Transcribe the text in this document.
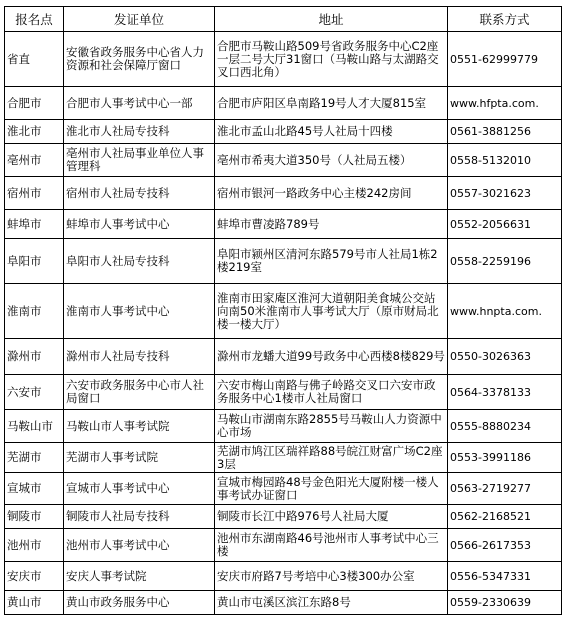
报名点	发证单位	地址	联系方式
省直	安徽省政务服务中心省人力资源和社会保障厅窗口	合肥市马鞍山路509号省政务服务中心C2座一层二号大厅31窗口（马鞍山路与太湖路交叉口西北角）	0551-62999779
合肥市	合肥市人事考试中心一部	合肥市庐阳区阜南路19号人才大厦815室	www.hfpta.com.
淮北市	淮北市人社局专技科	淮北市孟山北路45号人社局十四楼	0561-3881256
亳州市	亳州市人社局事业单位人事管理科	亳州市希夷大道350号（人社局五楼）	0558-5132010
宿州市	宿州市人社局专技科	宿州市银河一路政务中心主楼242房间	0557-3021623
蚌埠市	蚌埠市人事考试中心	蚌埠市曹凌路789号	0552-2056631
阜阳市	阜阳市人社局专技科	阜阳市颍州区清河东路579号市人社局1栋2楼219室	0558-2259196
淮南市	淮南市人事考试中心	淮南市田家庵区淮河大道朝阳美食城公交站向南50米淮南市人事考试大厅（原市财局北楼一楼大厅）	www.hnpta.com.
滁州市	滁州市人社局专技科	滁州市龙蟠大道99号政务中心西楼8楼829号	0550-3026363
六安市	六安市政务服务中心市人社局窗口	六安市梅山南路与佛子岭路交叉口六安市政务服务中心1楼市人社局窗口	0564-3378133
马鞍山市	马鞍山市人事考试院	马鞍山市湖南东路2855号马鞍山人力资源中心市场	0555-8880234
芜湖市	芜湖市人事考试院	芜湖市鸠江区瑞祥路88号皖江财富广场C2座3层	0553-3991186
宣城市	宣城市人事考试中心	宣城市梅园路48号金色阳光大厦附楼一楼人事考试办证窗口	0563-2719277
铜陵市	铜陵市人社局专技科	铜陵市长江中路976号人社局大厦	0562-2168521
池州市	池州市人事考试中心	池州市东湖南路46号池州市人事考试中心三楼	0566-2617353
安庆市	安庆人事考试院	安庆市府路7号考培中心3楼300办公室	0556-5347331
黄山市	黄山市政务服务中心	黄山市屯溪区滨江东路8号	0559-2330639
